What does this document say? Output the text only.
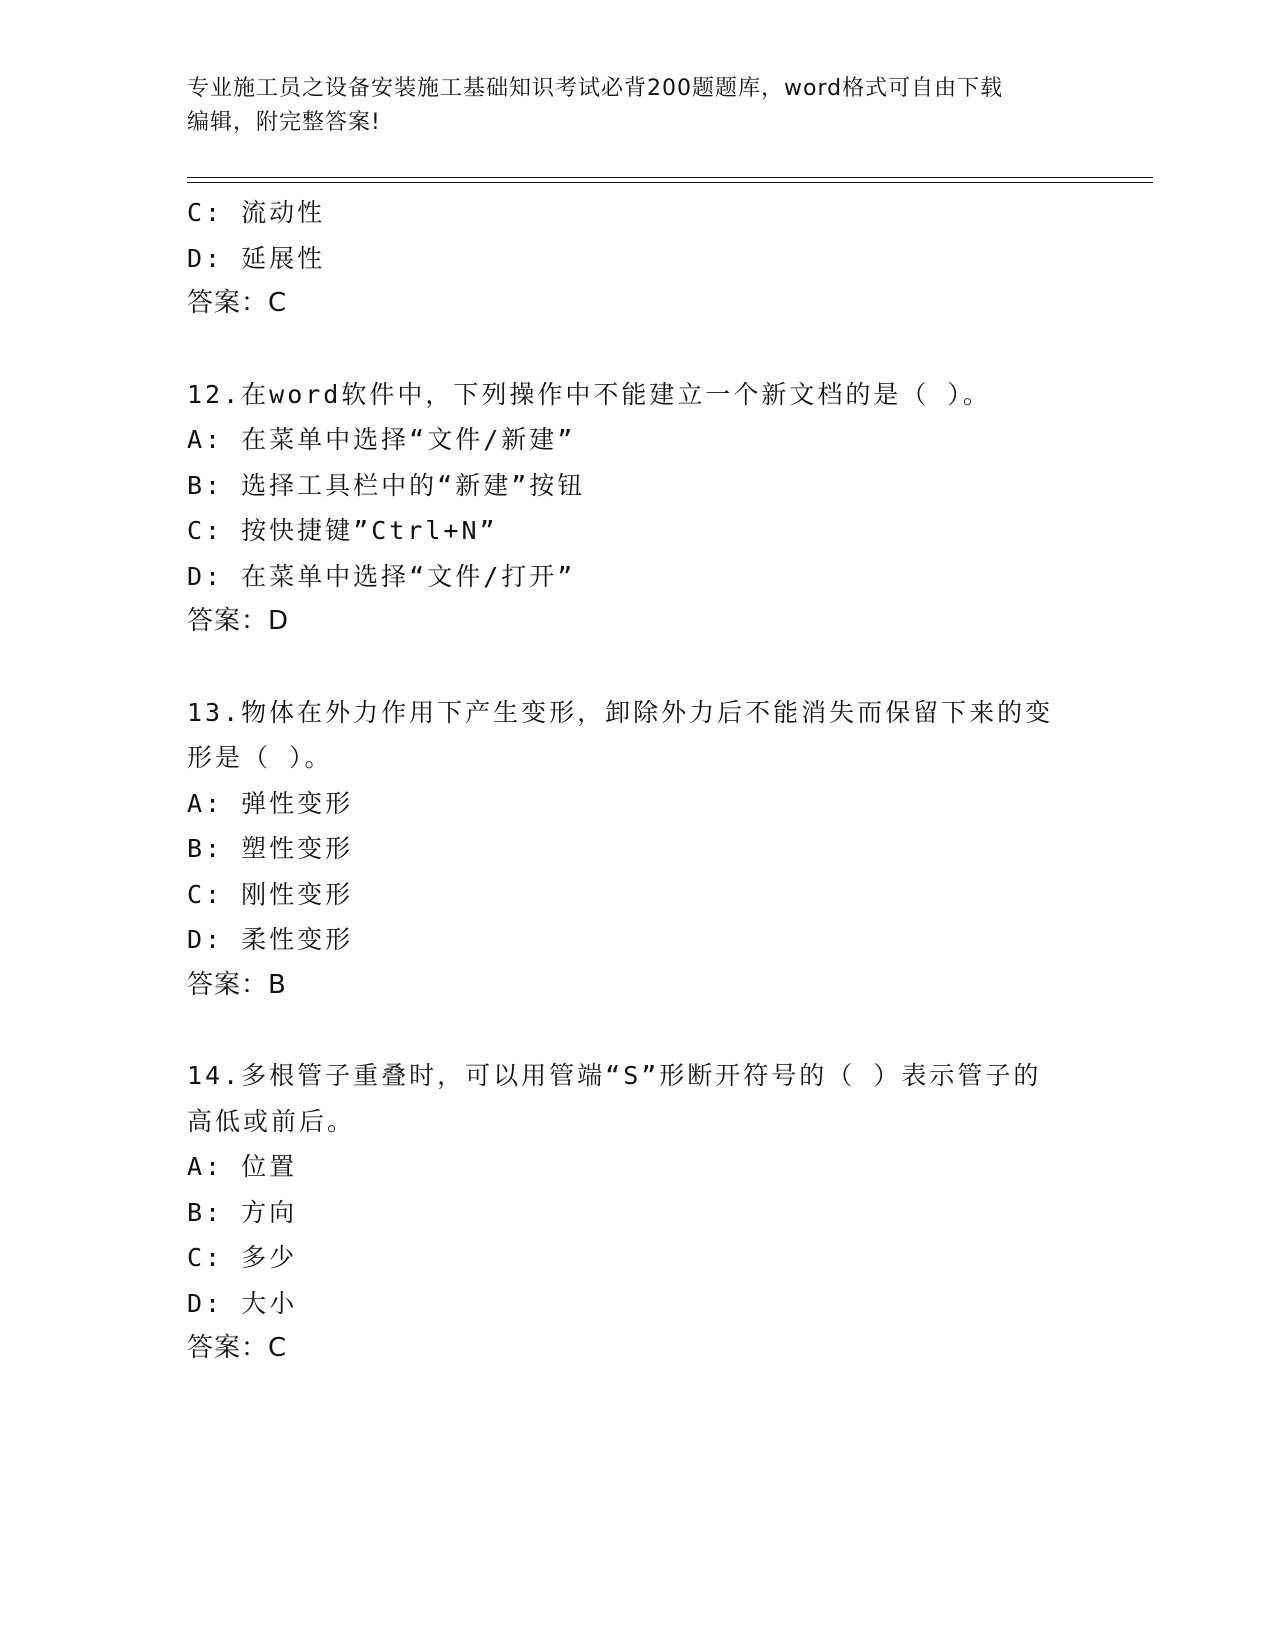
专业施工员之设备安装施工基础知识考试必背200题题库，word格式可自由下载
编辑，附完整答案!
C: 流动性
D: 延展性
答案：C
12.在word软件中，下列操作中不能建立一个新文档的是（ ）。
A: 在菜单中选择“文件/新建”
B: 选择工具栏中的“新建”按钮
C: 按快捷键”Ctrl+N”
D: 在菜单中选择“文件/打开”
答案：D
13.物体在外力作用下产生变形，卸除外力后不能消失而保留下来的变
形是（ ）。
A: 弹性变形
B: 塑性变形
C: 刚性变形
D: 柔性变形
答案：B
14.多根管子重叠时，可以用管端“S”形断开符号的（ ）表示管子的
高低或前后。
A: 位置
B: 方向
C: 多少
D: 大小
答案：C
